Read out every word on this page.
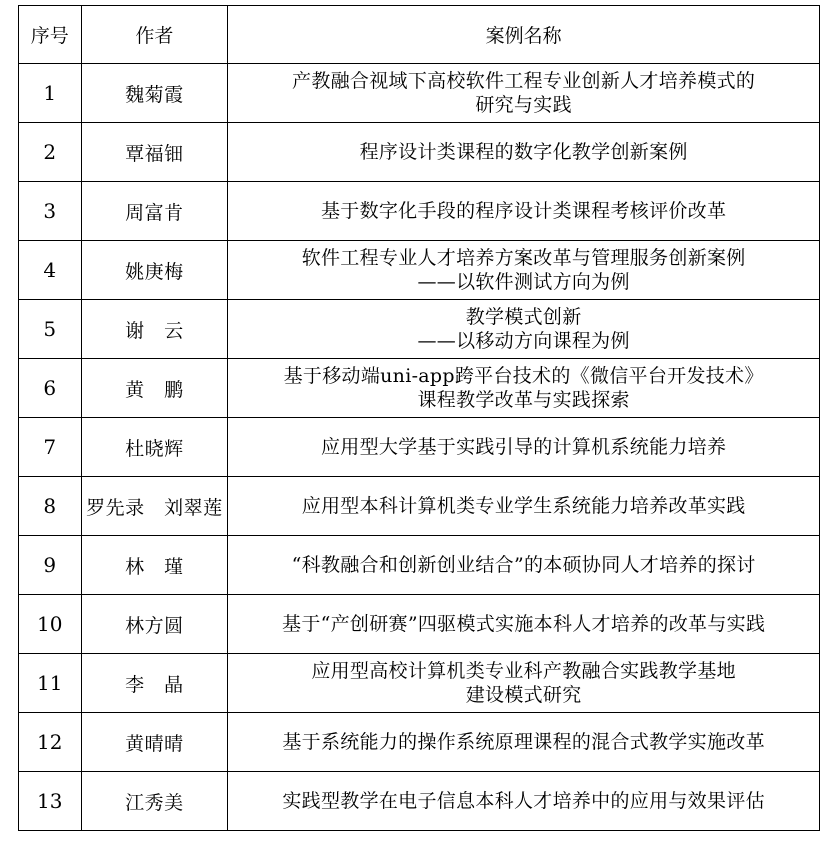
序号	作者	案例名称
1	魏菊霞	产教融合视域下高校软件工程专业创新人才培养模式的
研究与实践

2	覃福钿	程序设计类课程的数字化教学创新案例

3	周富肯	基于数字化手段的程序设计类课程考核评价改革

4	姚庚梅	软件工程专业人才培养方案改革与管理服务创新案例
——以软件测试方向为例

5	谢　云	教学模式创新
——以移动方向课程为例

6	黄　鹏	基于移动端uni-app跨平台技术的《微信平台开发技术》
课程教学改革与实践探索

7	杜晓辉	应用型大学基于实践引导的计算机系统能力培养

8	罗先录　刘翠莲	应用型本科计算机类专业学生系统能力培养改革实践

9	林　瑾	“科教融合和创新创业结合”的本硕协同人才培养的探讨

10	林方圆	基于“产创研赛”四驱模式实施本科人才培养的改革与实践

11	李　晶	应用型高校计算机类专业科产教融合实践教学基地
建设模式研究

12	黄晴晴	基于系统能力的操作系统原理课程的混合式教学实施改革

13	江秀美	实践型教学在电子信息本科人才培养中的应用与效果评估
